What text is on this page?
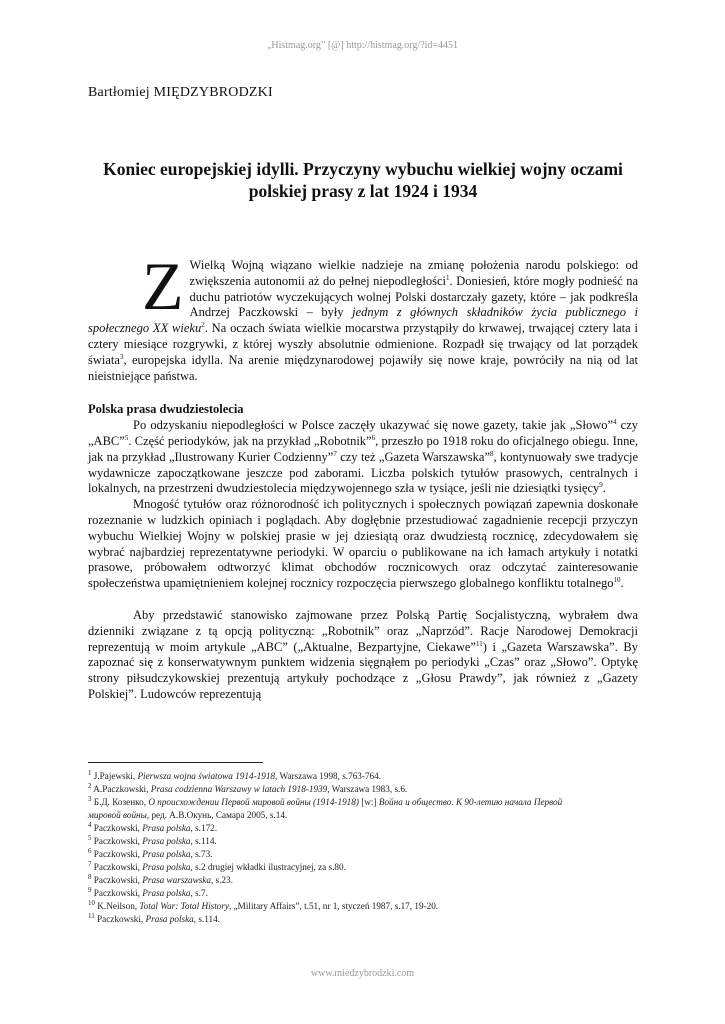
„Histmag.org” [@] http://histmag.org/?id=4451
Bartłomiej MIĘDZYBRODZKI
Koniec europejskiej idylli. Przyczyny wybuchu wielkiej wojny oczami polskiej prasy z lat 1924 i 1934

Z Wielką Wojną wiązano wielkie nadzieje na zmianę położenia narodu polskiego: od zwiększenia autonomii aż do pełnej niepodległości$^1$. Doniesień, które mogły podnieść na duchu patriotów wyczekujących wolnej Polski dostarczały gazety, które – jak podkreśla Andrzej Paczkowski – były jednym z głównych składników życia publicznego i społecznego XX wieku$^2$. Na oczach świata wielkie mocarstwa przystąpiły do krwawej, trwającej cztery lata i cztery miesiące rozgrywki, z której wyszły absolutnie odmienione. Rozpadł się trwający od lat porządek świata$^3$, europejska idylla. Na arenie międzynarodowej pojawiły się nowe kraje, powróciły na nią od lat nieistniejące państwa.

Polska prasa dwudziestolecia

Po odzyskaniu niepodległości w Polsce zaczęły ukazywać się nowe gazety, takie jak „Słowo”$^4$ czy „ABC”$^5$. Część periodyków, jak na przykład „Robotnik”$^6$, przeszło po 1918 roku do oficjalnego obiegu. Inne, jak na przykład „Ilustrowany Kurier Codzienny”$^7$ czy też „Gazeta Warszawska”$^8$, kontynuowały swe tradycje wydawnicze zapoczątkowane jeszcze pod zaborami. Liczba polskich tytułów prasowych, centralnych i lokalnych, na przestrzeni dwudziestolecia międzywojennego szła w tysiące, jeśli nie dziesiątki tysięcy$^9$.

Mnogość tytułów oraz różnorodność ich politycznych i społecznych powiązań zapewnia doskonałe rozeznanie w ludzkich opiniach i poglądach. Aby dogłębnie przestudiować zagadnienie recepcji przyczyn wybuchu Wielkiej Wojny w polskiej prasie w jej dziesiątą oraz dwudziestą rocznicę, zdecydowałem się wybrać najbardziej reprezentatywne periodyki. W oparciu o publikowane na ich łamach artykuły i notatki prasowe, próbowałem odtworzyć klimat obchodów rocznicowych oraz odczytać zainteresowanie społeczeństwa upamiętnieniem kolejnej rocznicy rozpoczęcia pierwszego globalnego konfliktu totalnego$^{10}$.

Aby przedstawić stanowisko zajmowane przez Polską Partię Socjalistyczną, wybrałem dwa dzienniki związane z tą opcją polityczną: „Robotnik” oraz „Naprzód”. Racje Narodowej Demokracji reprezentują w moim artykule „ABC” („Aktualne, Bezpartyjne, Ciekawe”$^{11}$) i „Gazeta Warszawska”. By zapoznać się z konserwatywnym punktem widzenia sięgnąłem po periodyki „Czas” oraz „Słowo”. Optykę strony piłsudczykowskiej prezentują artykuły pochodzące z „Głosu Prawdy”, jak również z „Gazety Polskiej”. Ludowców reprezentują

$^1$ J.Pajewski, Pierwsza wojna światowa 1914-1918, Warszawa 1998, s.763-764.
$^2$ A.Paczkowski, Prasa codzienna Warszawy w latach 1918-1939, Warszawa 1983, s.6.
$^3$ Б.Д. Козенко, О происхождении Первой мировой войны (1914-1918) [w:] Война и общество. К 90-летию начала Первой
мировой войны, ред. А.В.Окунь, Самара 2005, s.14.
$^4$ Paczkowski, Prasa polska, s.172.
$^5$ Paczkowski, Prasa polska, s.114.
$^6$ Paczkowski, Prasa polska, s.73.
$^7$ Paczkowski, Prasa polska, s.2 drugiej wkładki ilustracyjnej, za s.80.
$^8$ Paczkowski, Prasa warszawska, s.23.
$^9$ Paczkowski, Prasa polska, s.7.
$^{10}$ K.Neilson, Total War: Total History, „Military Affairs”, t.51, nr 1, styczeń 1987, s.17, 19-20.
$^{11}$ Paczkowski, Prasa polska, s.114.
www.miedzybrodzki.com
